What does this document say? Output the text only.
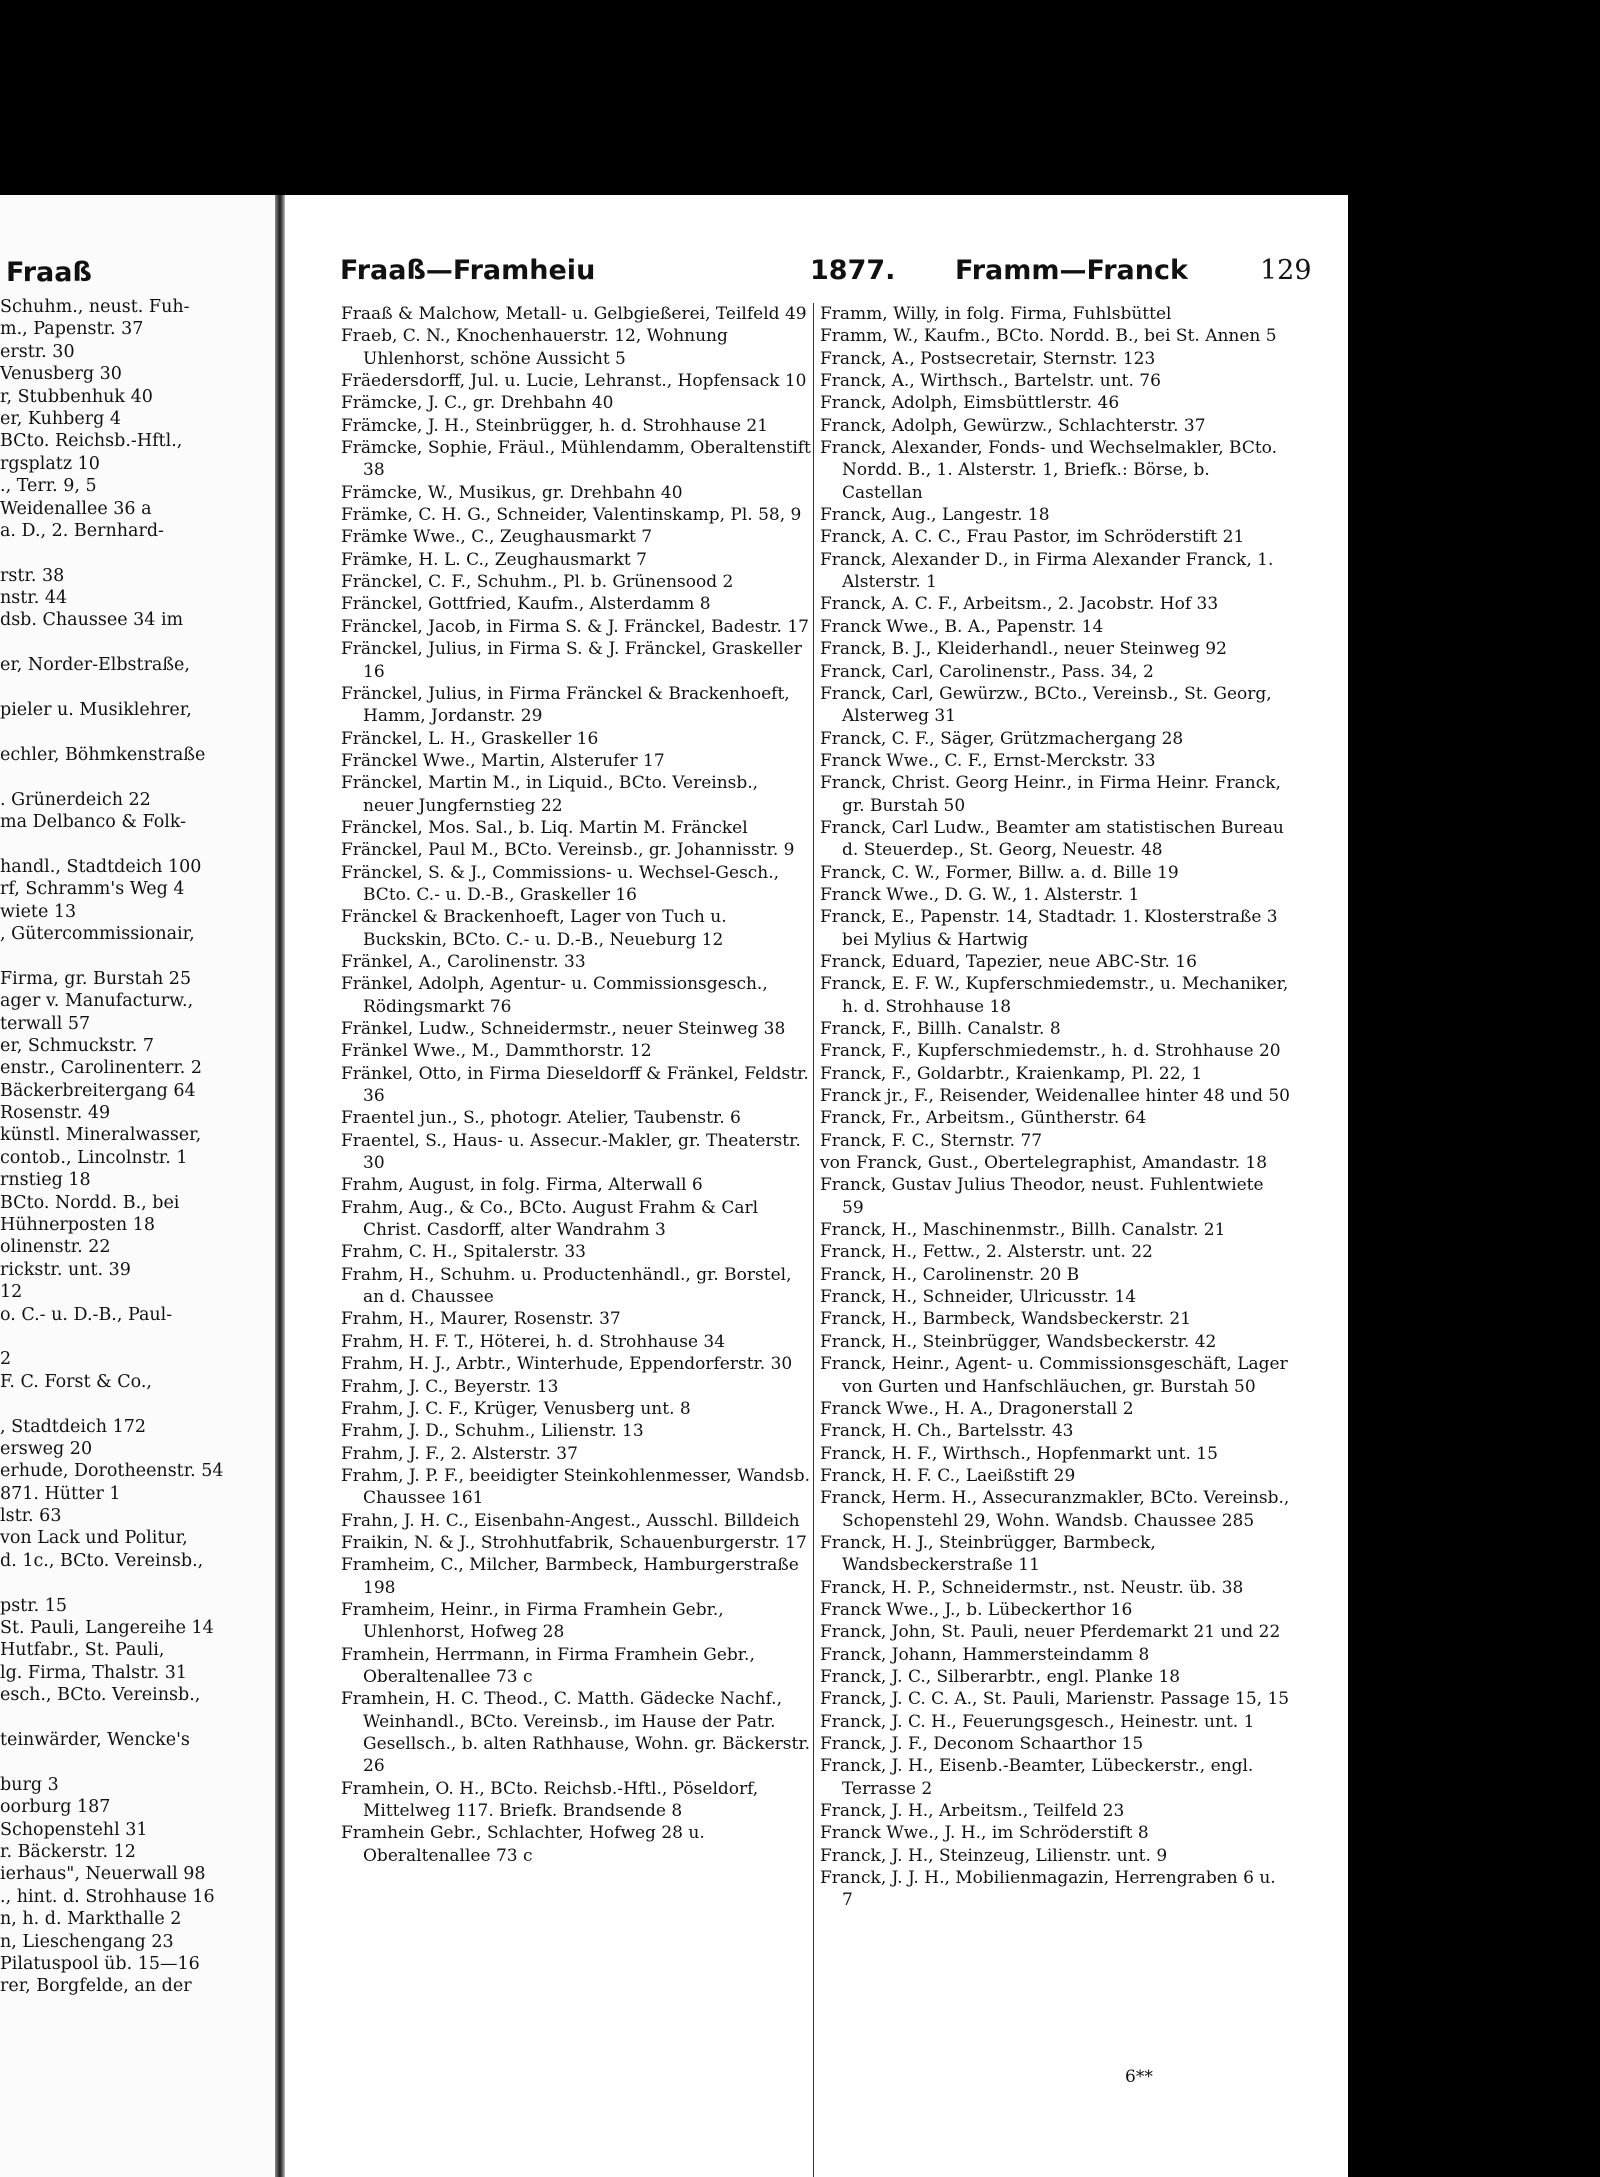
Fraaß
Schuhm., neust. Fuh-
m., Papenstr. 37
erstr. 30
Venusberg 30
r, Stubbenhuk 40
er, Kuhberg 4
BCto. Reichsb.-Hftl.,
rgsplatz 10
., Terr. 9, 5
Weidenallee 36 a
a. D., 2. Bernhard-
rstr. 38
nstr. 44
dsb. Chaussee 34 im
er, Norder-Elbstraße,
pieler u. Musiklehrer,
echler, Böhmkenstraße
. Grünerdeich 22
ma Delbanco & Folk-
handl., Stadtdeich 100
rf, Schramm's Weg 4
wiete 13
, Gütercommissionair,
Firma, gr. Burstah 25
ager v. Manufacturw.,
terwall 57
er, Schmuckstr. 7
enstr., Carolinenterr. 2
Bäckerbreitergang 64
Rosenstr. 49
künstl. Mineralwasser,
contob., Lincolnstr. 1
rnstieg 18
BCto. Nordd. B., bei
Hühnerposten 18
olinenstr. 22
rickstr. unt. 39
12
o. C.- u. D.-B., Paul-
2
F. C. Forst & Co.,
, Stadtdeich 172
ersweg 20
erhude, Dorotheenstr. 54
871. Hütter 1
lstr. 63
von Lack und Politur,
d. 1c., BCto. Vereinsb.,
pstr. 15
St. Pauli, Langereihe 14
Hutfabr., St. Pauli,
lg. Firma, Thalstr. 31
esch., BCto. Vereinsb.,
teinwärder, Wencke's
burg 3
oorburg 187
Schopenstehl 31
r. Bäckerstr. 12
ierhaus", Neuerwall 98
., hint. d. Strohhause 16
n, h. d. Markthalle 2
n, Lieschengang 23
Pilatuspool üb. 15—16
rer, Borgfelde, an der
Fraaß—Framheiu	1877. Framm—Franck	129
Fraaß & Malchow, Metall- u. Gelbgießerei, Teilfeld 49
Fraeb, C. N., Knochenhauerstr. 12, Wohnung Uhlenhorst, schöne Aussicht 5
Fräedersdorff, Jul. u. Lucie, Lehranst., Hopfensack 10
Främcke, J. C., gr. Drehbahn 40
Främcke, J. H., Steinbrügger, h. d. Strohhause 21
Främcke, Sophie, Fräul., Mühlendamm, Oberaltenstift 38
Främcke, W., Musikus, gr. Drehbahn 40
Främke, C. H. G., Schneider, Valentinskamp, Pl. 58, 9
Främke Wwe., C., Zeughausmarkt 7
Främke, H. L. C., Zeughausmarkt 7
Fränckel, C. F., Schuhm., Pl. b. Grünensood 2
Fränckel, Gottfried, Kaufm., Alsterdamm 8
Fränckel, Jacob, in Firma S. & J. Fränckel, Badestr. 17
Fränckel, Julius, in Firma S. & J. Fränckel, Graskeller 16
Fränckel, Julius, in Firma Fränckel & Brackenhoeft, Hamm, Jordanstr. 29
Fränckel, L. H., Graskeller 16
Fränckel Wwe., Martin, Alsterufer 17
Fränckel, Martin M., in Liquid., BCto. Vereinsb., neuer Jungfernstieg 22
Fränckel, Mos. Sal., b. Liq. Martin M. Fränckel
Fränckel, Paul M., BCto. Vereinsb., gr. Johannisstr. 9
Fränckel, S. & J., Commissions- u. Wechsel-Gesch., BCto. C.- u. D.-B., Graskeller 16
Fränckel & Brackenhoeft, Lager von Tuch u. Buckskin, BCto. C.- u. D.-B., Neueburg 12
Fränkel, A., Carolinenstr. 33
Fränkel, Adolph, Agentur- u. Commissionsgesch., Rödingsmarkt 76
Fränkel, Ludw., Schneidermstr., neuer Steinweg 38
Fränkel Wwe., M., Dammthorstr. 12
Fränkel, Otto, in Firma Dieseldorff & Fränkel, Feldstr. 36
Fraentel jun., S., photogr. Atelier, Taubenstr. 6
Fraentel, S., Haus- u. Assecur.-Makler, gr. Theaterstr. 30
Frahm, August, in folg. Firma, Alterwall 6
Frahm, Aug., & Co., BCto. August Frahm & Carl Christ. Casdorff, alter Wandrahm 3
Frahm, C. H., Spitalerstr. 33
Frahm, H., Schuhm. u. Productenhändl., gr. Borstel, an d. Chaussee
Frahm, H., Maurer, Rosenstr. 37
Frahm, H. F. T., Höterei, h. d. Strohhause 34
Frahm, H. J., Arbtr., Winterhude, Eppendorferstr. 30
Frahm, J. C., Beyerstr. 13
Frahm, J. C. F., Krüger, Venusberg unt. 8
Frahm, J. D., Schuhm., Lilienstr. 13
Frahm, J. F., 2. Alsterstr. 37
Frahm, J. P. F., beeidigter Steinkohlenmesser, Wandsb. Chaussee 161
Frahn, J. H. C., Eisenbahn-Angest., Ausschl. Billdeich
Fraikin, N. & J., Strohhutfabrik, Schauenburgerstr. 17
Framheim, C., Milcher, Barmbeck, Hamburgerstraße 198
Framheim, Heinr., in Firma Framhein Gebr., Uhlenhorst, Hofweg 28
Framhein, Herrmann, in Firma Framhein Gebr., Oberaltenallee 73 c
Framhein, H. C. Theod., C. Matth. Gädecke Nachf., Weinhandl., BCto. Vereinsb., im Hause der Patr. Gesellsch., b. alten Rathhause, Wohn. gr. Bäckerstr. 26
Framhein, O. H., BCto. Reichsb.-Hftl., Pöseldorf, Mittelweg 117. Briefk. Brandsende 8
Framhein Gebr., Schlachter, Hofweg 28 u. Oberaltenallee 73 c
Framm, Willy, in folg. Firma, Fuhlsbüttel
Framm, W., Kaufm., BCto. Nordd. B., bei St. Annen 5
Franck, A., Postsecretair, Sternstr. 123
Franck, A., Wirthsch., Bartelstr. unt. 76
Franck, Adolph, Eimsbüttlerstr. 46
Franck, Adolph, Gewürzw., Schlachterstr. 37
Franck, Alexander, Fonds- und Wechselmakler, BCto. Nordd. B., 1. Alsterstr. 1, Briefk.: Börse, b. Castellan
Franck, Aug., Langestr. 18
Franck, A. C. C., Frau Pastor, im Schröderstift 21
Franck, Alexander D., in Firma Alexander Franck, 1. Alsterstr. 1
Franck, A. C. F., Arbeitsm., 2. Jacobstr. Hof 33
Franck Wwe., B. A., Papenstr. 14
Franck, B. J., Kleiderhandl., neuer Steinweg 92
Franck, Carl, Carolinenstr., Pass. 34, 2
Franck, Carl, Gewürzw., BCto., Vereinsb., St. Georg, Alsterweg 31
Franck, C. F., Säger, Grützmachergang 28
Franck Wwe., C. F., Ernst-Merckstr. 33
Franck, Christ. Georg Heinr., in Firma Heinr. Franck, gr. Burstah 50
Franck, Carl Ludw., Beamter am statistischen Bureau d. Steuerdep., St. Georg, Neuestr. 48
Franck, C. W., Former, Billw. a. d. Bille 19
Franck Wwe., D. G. W., 1. Alsterstr. 1
Franck, E., Papenstr. 14, Stadtadr. 1. Klosterstraße 3 bei Mylius & Hartwig
Franck, Eduard, Tapezier, neue ABC-Str. 16
Franck, E. F. W., Kupferschmiedemstr., u. Mechaniker, h. d. Strohhause 18
Franck, F., Billh. Canalstr. 8
Franck, F., Kupferschmiedemstr., h. d. Strohhause 20
Franck, F., Goldarbtr., Kraienkamp, Pl. 22, 1
Franck jr., F., Reisender, Weidenallee hinter 48 und 50
Franck, Fr., Arbeitsm., Güntherstr. 64
Franck, F. C., Sternstr. 77
von Franck, Gust., Obertelegraphist, Amandastr. 18
Franck, Gustav Julius Theodor, neust. Fuhlentwiete 59
Franck, H., Maschinenmstr., Billh. Canalstr. 21
Franck, H., Fettw., 2. Alsterstr. unt. 22
Franck, H., Carolinenstr. 20 B
Franck, H., Schneider, Ulricusstr. 14
Franck, H., Barmbeck, Wandsbeckerstr. 21
Franck, H., Steinbrügger, Wandsbeckerstr. 42
Franck, Heinr., Agent- u. Commissionsgeschäft, Lager von Gurten und Hanfschläuchen, gr. Burstah 50
Franck Wwe., H. A., Dragonerstall 2
Franck, H. Ch., Bartelsstr. 43
Franck, H. F., Wirthsch., Hopfenmarkt unt. 15
Franck, H. F. C., Laeißstift 29
Franck, Herm. H., Assecuranzmakler, BCto. Vereinsb., Schopenstehl 29, Wohn. Wandsb. Chaussee 285
Franck, H. J., Steinbrügger, Barmbeck, Wandsbeckerstraße 11
Franck, H. P., Schneidermstr., nst. Neustr. üb. 38
Franck Wwe., J., b. Lübeckerthor 16
Franck, John, St. Pauli, neuer Pferdemarkt 21 und 22
Franck, Johann, Hammersteindamm 8
Franck, J. C., Silberarbtr., engl. Planke 18
Franck, J. C. C. A., St. Pauli, Marienstr. Passage 15, 15
Franck, J. C. H., Feuerungsgesch., Heinestr. unt. 1
Franck, J. F., Deconom Schaarthor 15
Franck, J. H., Eisenb.-Beamter, Lübeckerstr., engl. Terrasse 2
Franck, J. H., Arbeitsm., Teilfeld 23
Franck Wwe., J. H., im Schröderstift 8
Franck, J. H., Steinzeug, Lilienstr. unt. 9
Franck, J. J. H., Mobilienmagazin, Herrengraben 6 u. 7
6**
